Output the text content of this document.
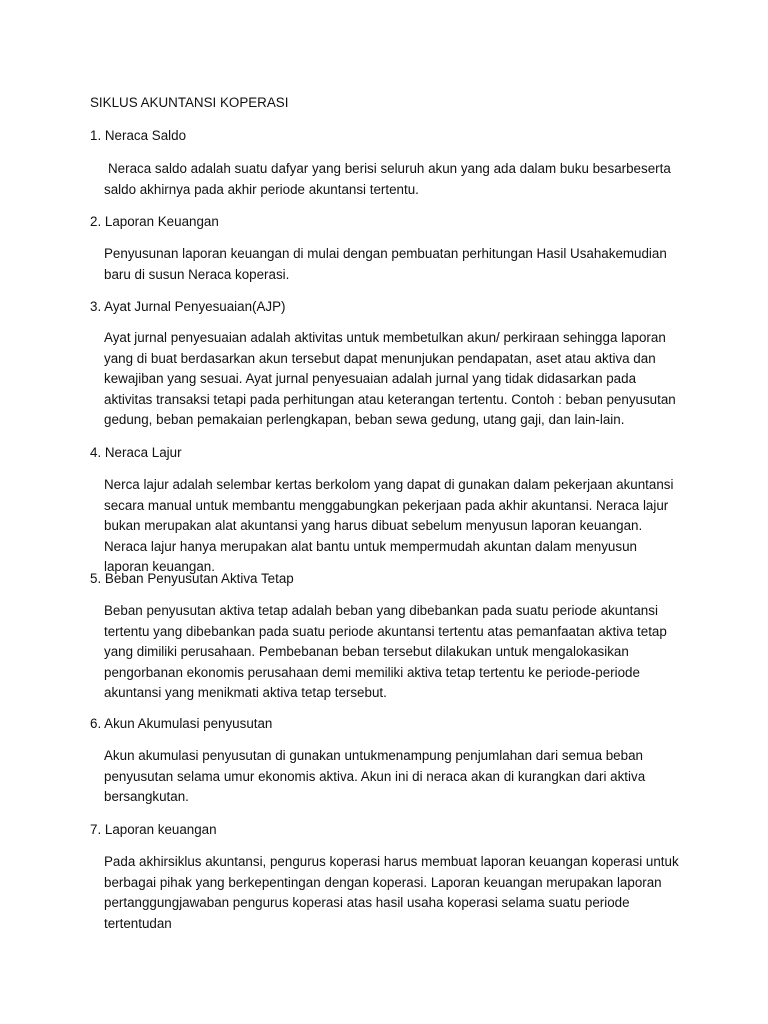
SIKLUS AKUNTANSI KOPERASI

1. Neraca Saldo

Neraca saldo adalah suatu dafyar yang berisi seluruh akun yang ada dalam buku besarbeserta saldo akhirnya pada akhir periode akuntansi tertentu.

2. Laporan Keuangan

Penyusunan laporan keuangan di mulai dengan pembuatan perhitungan Hasil Usahakemudian baru di susun Neraca koperasi.

3. Ayat Jurnal Penyesuaian(AJP)

Ayat jurnal penyesuaian adalah aktivitas untuk membetulkan akun/ perkiraan sehingga laporan yang di buat berdasarkan akun tersebut dapat menunjukan pendapatan, aset atau aktiva dan kewajiban yang sesuai. Ayat jurnal penyesuaian adalah jurnal yang tidak didasarkan pada aktivitas transaksi tetapi pada perhitungan atau keterangan tertentu. Contoh : beban penyusutan gedung, beban pemakaian perlengkapan, beban sewa gedung, utang gaji, dan lain-lain.

4. Neraca Lajur

Nerca lajur adalah selembar kertas berkolom yang dapat di gunakan dalam pekerjaan akuntansi secara manual untuk membantu menggabungkan pekerjaan pada akhir akuntansi. Neraca lajur bukan merupakan alat akuntansi yang harus dibuat sebelum menyusun laporan keuangan. Neraca lajur hanya merupakan alat bantu untuk mempermudah akuntan dalam menyusun laporan keuangan.

5. Beban Penyusutan Aktiva Tetap

Beban penyusutan aktiva tetap adalah beban yang dibebankan pada suatu periode akuntansi tertentu yang dibebankan pada suatu periode akuntansi tertentu atas pemanfaatan aktiva tetap yang dimiliki perusahaan. Pembebanan beban tersebut dilakukan untuk mengalokasikan pengorbanan ekonomis perusahaan demi memiliki aktiva tetap tertentu ke periode-periode akuntansi yang menikmati aktiva tetap tersebut.

6. Akun Akumulasi penyusutan

Akun akumulasi penyusutan di gunakan untukmenampung penjumlahan dari semua beban penyusutan selama umur ekonomis aktiva. Akun ini di neraca akan di kurangkan dari aktiva bersangkutan.

7. Laporan keuangan

Pada akhirsiklus akuntansi, pengurus koperasi harus membuat laporan keuangan koperasi untuk berbagai pihak yang berkepentingan dengan koperasi. Laporan keuangan merupakan laporan pertanggungjawaban pengurus koperasi atas hasil usaha koperasi selama suatu periode tertentudan
